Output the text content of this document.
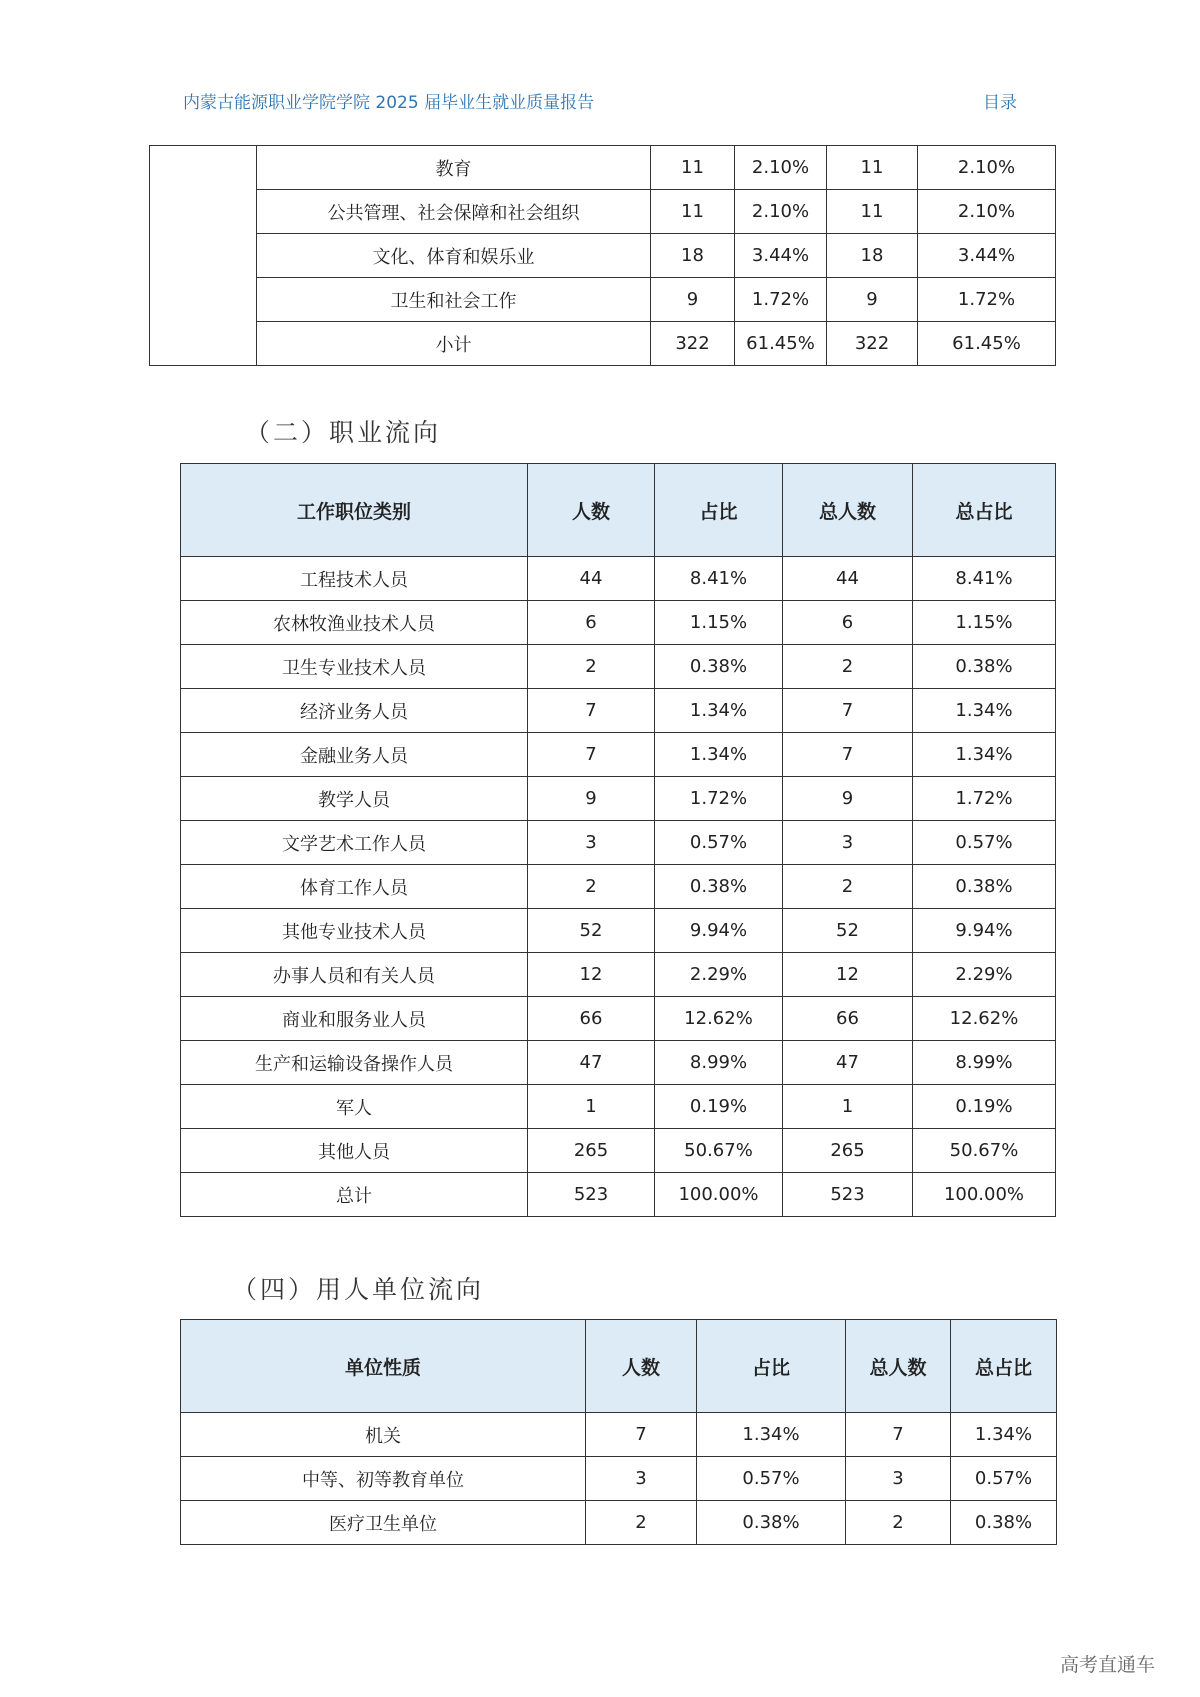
内蒙古能源职业学院学院 2025 届毕业生就业质量报告	目录
	教育	11	2.10%	11	2.10%
	公共管理、社会保障和社会组织	11	2.10%	11	2.10%
	文化、体育和娱乐业	18	3.44%	18	3.44%
	卫生和社会工作	9	1.72%	9	1.72%
	小计	322	61.45%	322	61.45%
（二）职业流向
工作职位类别	人数	占比	总人数	总占比
工程技术人员	44	8.41%	44	8.41%
农林牧渔业技术人员	6	1.15%	6	1.15%
卫生专业技术人员	2	0.38%	2	0.38%
经济业务人员	7	1.34%	7	1.34%
金融业务人员	7	1.34%	7	1.34%
教学人员	9	1.72%	9	1.72%
文学艺术工作人员	3	0.57%	3	0.57%
体育工作人员	2	0.38%	2	0.38%
其他专业技术人员	52	9.94%	52	9.94%
办事人员和有关人员	12	2.29%	12	2.29%
商业和服务业人员	66	12.62%	66	12.62%
生产和运输设备操作人员	47	8.99%	47	8.99%
军人	1	0.19%	1	0.19%
其他人员	265	50.67%	265	50.67%
总计	523	100.00%	523	100.00%
（四）用人单位流向
单位性质	人数	占比	总人数	总占比
机关	7	1.34%	7	1.34%
中等、初等教育单位	3	0.57%	3	0.57%
医疗卫生单位	2	0.38%	2	0.38%
高考直通车
